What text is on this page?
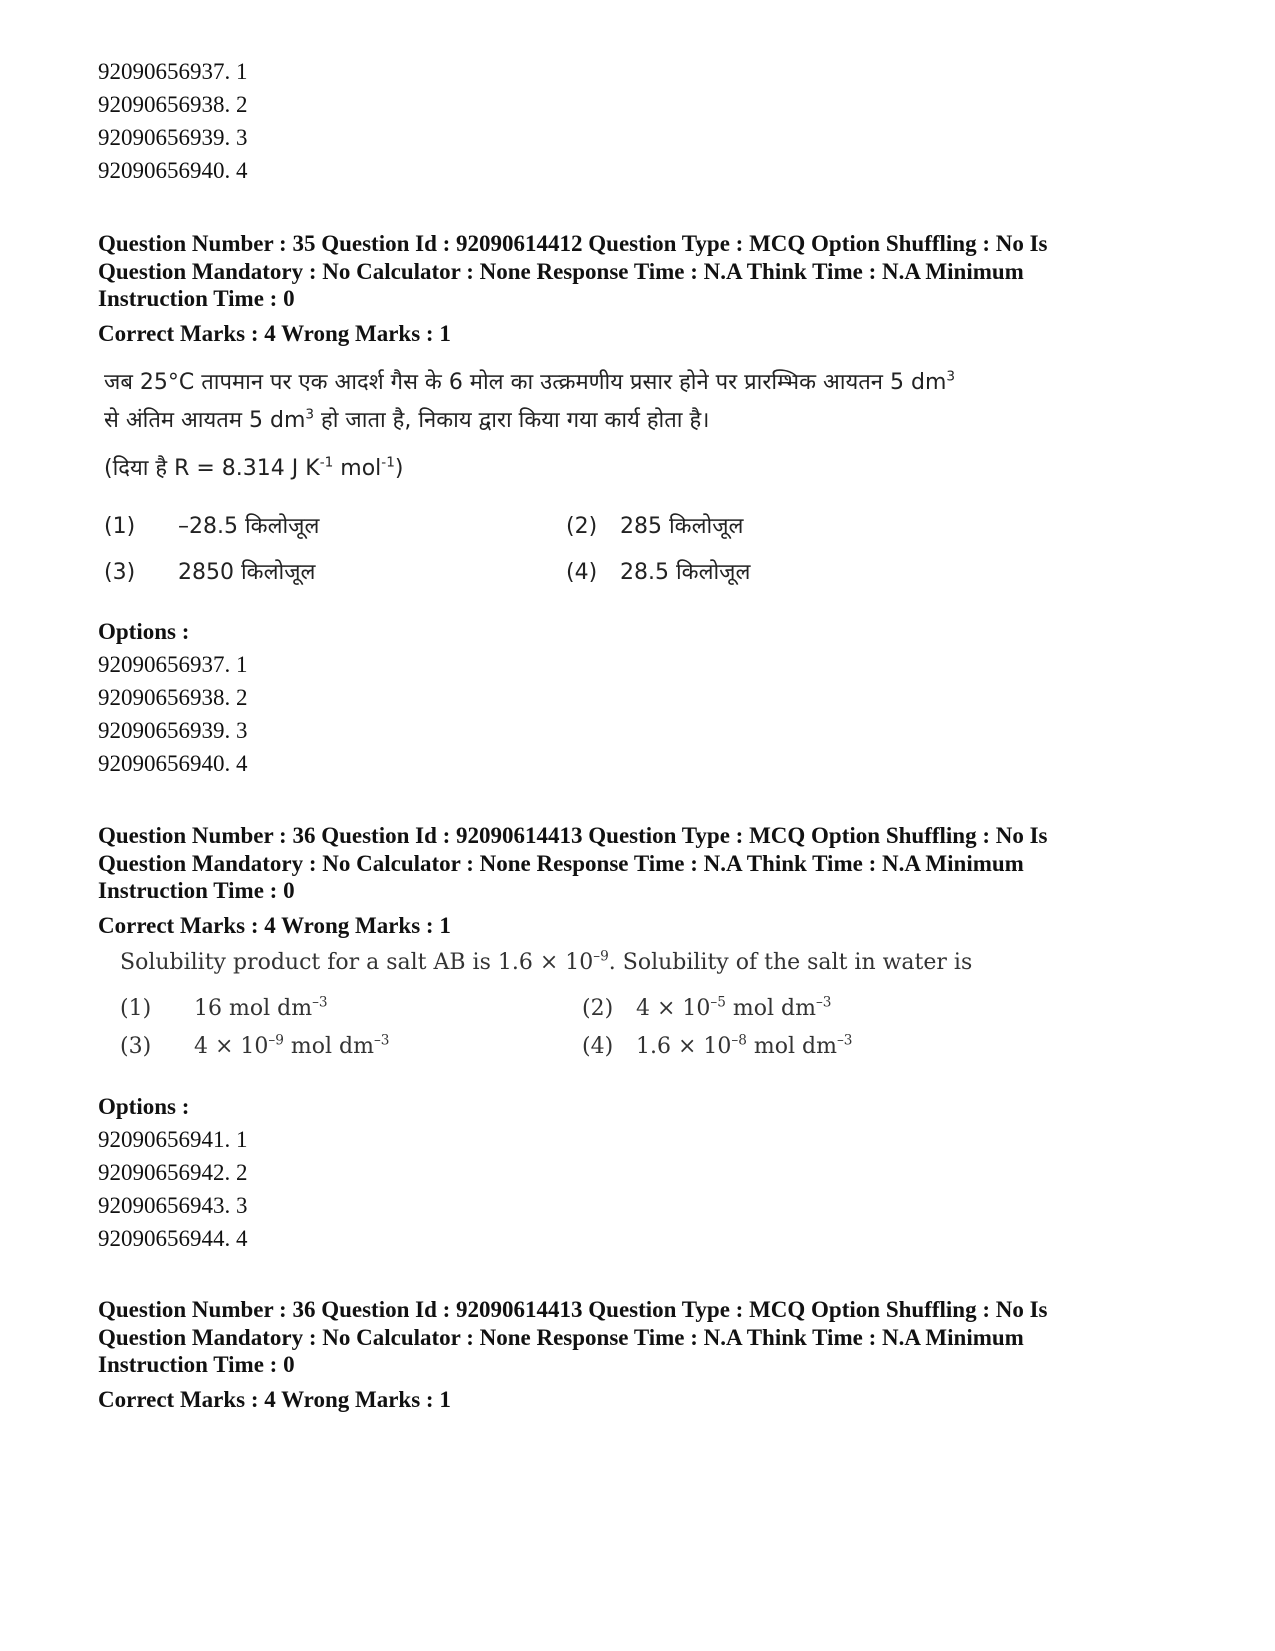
92090656937. 1

92090656938. 2

92090656939. 3

92090656940. 4

Question Number : 35 Question Id : 92090614412 Question Type : MCQ Option Shuffling : No Is
Question Mandatory : No Calculator : None Response Time : N.A Think Time : N.A Minimum
Instruction Time : 0
Correct Marks : 4 Wrong Marks : 1

जब 25°C तापमान पर एक आदर्श गैस के 6 मोल का उत्क्रमणीय प्रसार होने पर प्रारम्भिक आयतन 5 $dm^3$

से अंतिम आयतम 5 $dm^3$ हो जाता है, निकाय द्वारा किया गया कार्य होता है।

(दिया है R = 8.314 J $K^{-1}$ mol$^{-1}$)
(1) –28.5 किलोजूल	(2) 285 किलोजूल
(3) 2850 किलोजूल	(4) 28.5 किलोजूल
Options :

92090656937. 1

92090656938. 2

92090656939. 3

92090656940. 4

Question Number : 36 Question Id : 92090614413 Question Type : MCQ Option Shuffling : No Is
Question Mandatory : No Calculator : None Response Time : N.A Think Time : N.A Minimum
Instruction Time : 0
Correct Marks : 4 Wrong Marks : 1

Solubility product for a salt AB is $1.6 \times 10^{-9}$. Solubility of the salt in water is

(1) 16 mol $dm^{-3}$	(2) $4 \times 10^{-5}$ mol $dm^{-3}$
(3) $4 \times 10^{-9}$ mol $dm^{-3}$	(4) $1.6 \times 10^{-8}$ mol $dm^{-3}$
Options :

92090656941. 1

92090656942. 2

92090656943. 3

92090656944. 4

Question Number : 36 Question Id : 92090614413 Question Type : MCQ Option Shuffling : No Is
Question Mandatory : No Calculator : None Response Time : N.A Think Time : N.A Minimum
Instruction Time : 0
Correct Marks : 4 Wrong Marks : 1
